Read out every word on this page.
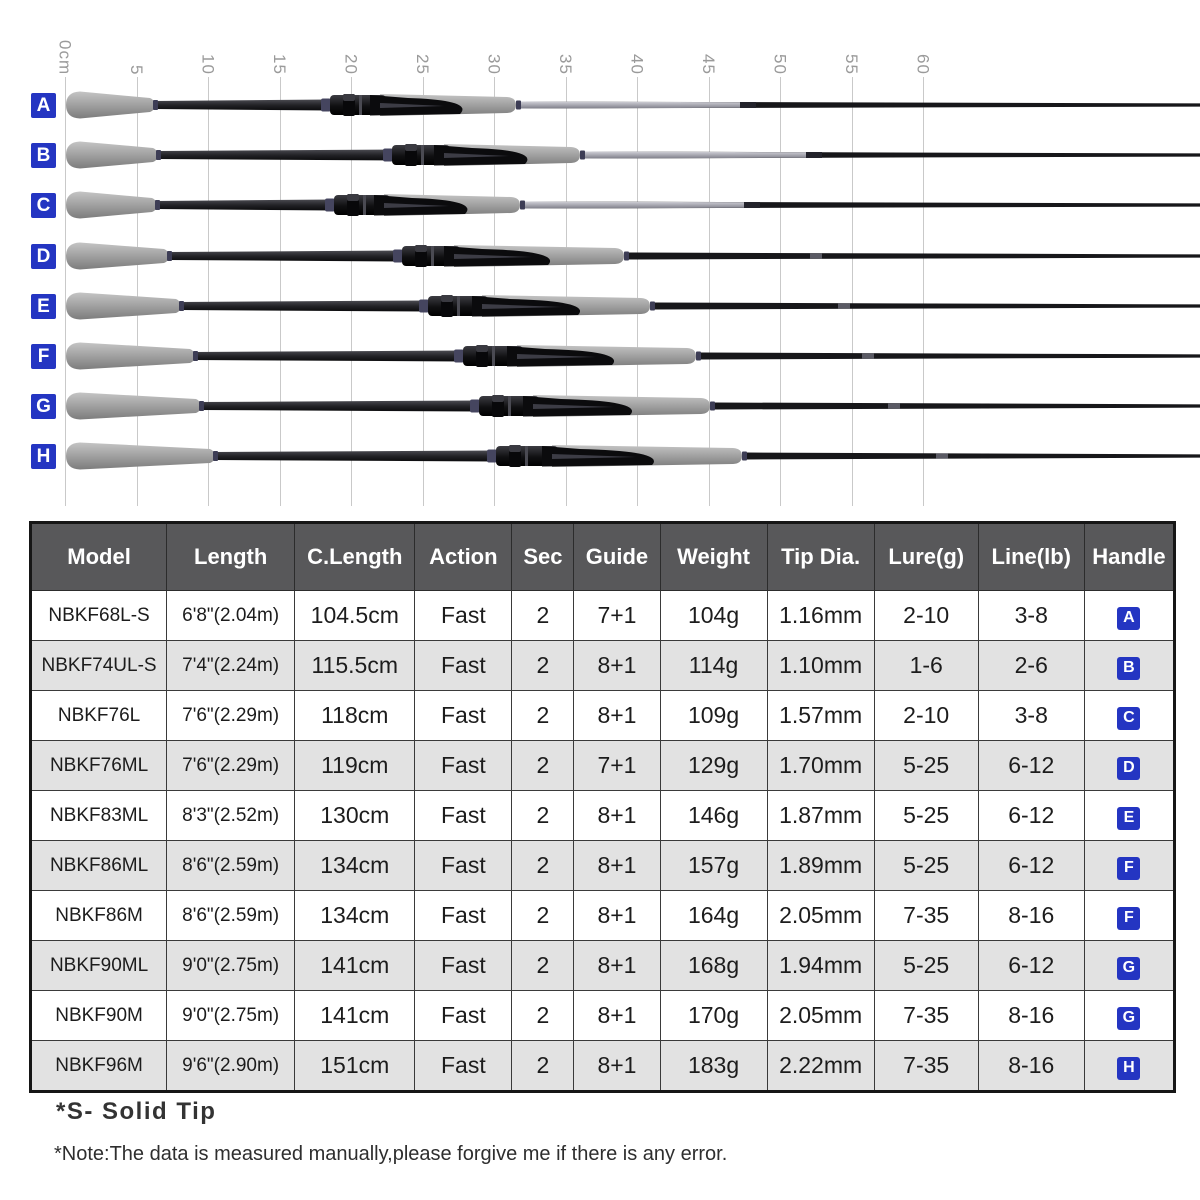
0cm	5	10	15	20	25	30	35	40	45	50	55	60
A
B
C
D
E
F
G
H
Model	Length	C.Length	Action	Sec	Guide	Weight	Tip Dia.	Lure(g)	Line(lb)	Handle
NBKF68L-S	6'8"(2.04m)	104.5cm	Fast	2	7+1	104g	1.16mm	2-10	3-8	A
NBKF74UL-S	7'4"(2.24m)	115.5cm	Fast	2	8+1	114g	1.10mm	1-6	2-6	B
NBKF76L	7'6"(2.29m)	118cm	Fast	2	8+1	109g	1.57mm	2-10	3-8	C
NBKF76ML	7'6"(2.29m)	119cm	Fast	2	7+1	129g	1.70mm	5-25	6-12	D
NBKF83ML	8'3"(2.52m)	130cm	Fast	2	8+1	146g	1.87mm	5-25	6-12	E
NBKF86ML	8'6"(2.59m)	134cm	Fast	2	8+1	157g	1.89mm	5-25	6-12	F
NBKF86M	8'6"(2.59m)	134cm	Fast	2	8+1	164g	2.05mm	7-35	8-16	F
NBKF90ML	9'0"(2.75m)	141cm	Fast	2	8+1	168g	1.94mm	5-25	6-12	G
NBKF90M	9'0"(2.75m)	141cm	Fast	2	8+1	170g	2.05mm	7-35	8-16	G
NBKF96M	9'6"(2.90m)	151cm	Fast	2	8+1	183g	2.22mm	7-35	8-16	H
*S- Solid Tip
*Note:The data is measured manually,please forgive me if there is any error.
